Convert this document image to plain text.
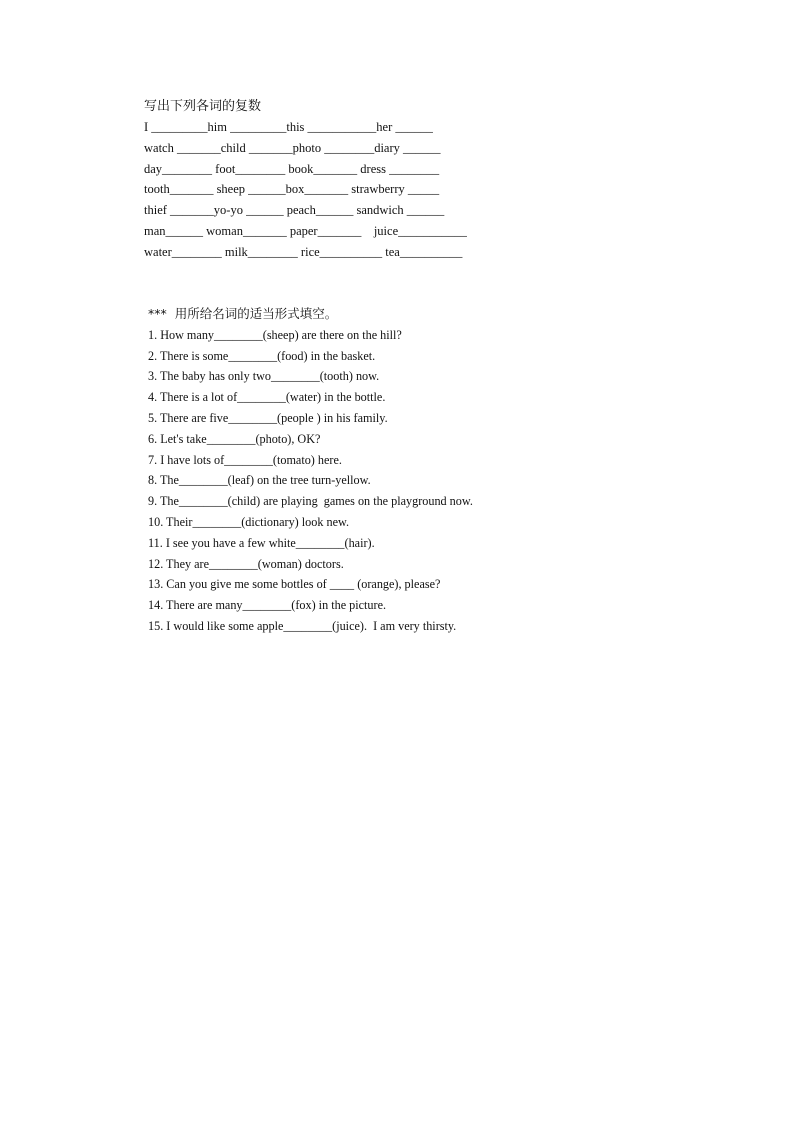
写出下列各词的复数

I _________him _________this ___________her ______

watch _______child _______photo ________diary ______

day________ foot________ book_______ dress ________

tooth_______ sheep ______box_______ strawberry _____

thief _______yo-yo ______ peach______ sandwich ______

man______ woman_______ paper_______    juice___________

water________ milk________ rice__________ tea__________

***  用所给名词的适当形式填空。

1. How many________(sheep) are there on the hill?

2. There is some________(food) in the basket.

3. The baby has only two________(tooth) now.

4. There is a lot of________(water) in the bottle.

5. There are five________(people ) in his family.

6. Let's take________(photo), OK?

7. I have lots of________(tomato) here.

8. The________(leaf) on the tree turn-yellow.

9. The________(child) are playing  games on the playground now.

10. Their________(dictionary) look new.

11. I see you have a few white________(hair).

12. They are________(woman) doctors.

13. Can you give me some bottles of ____ (orange), please?

14. There are many________(fox) in the picture.

15. I would like some apple________(juice).  I am very thirsty.
